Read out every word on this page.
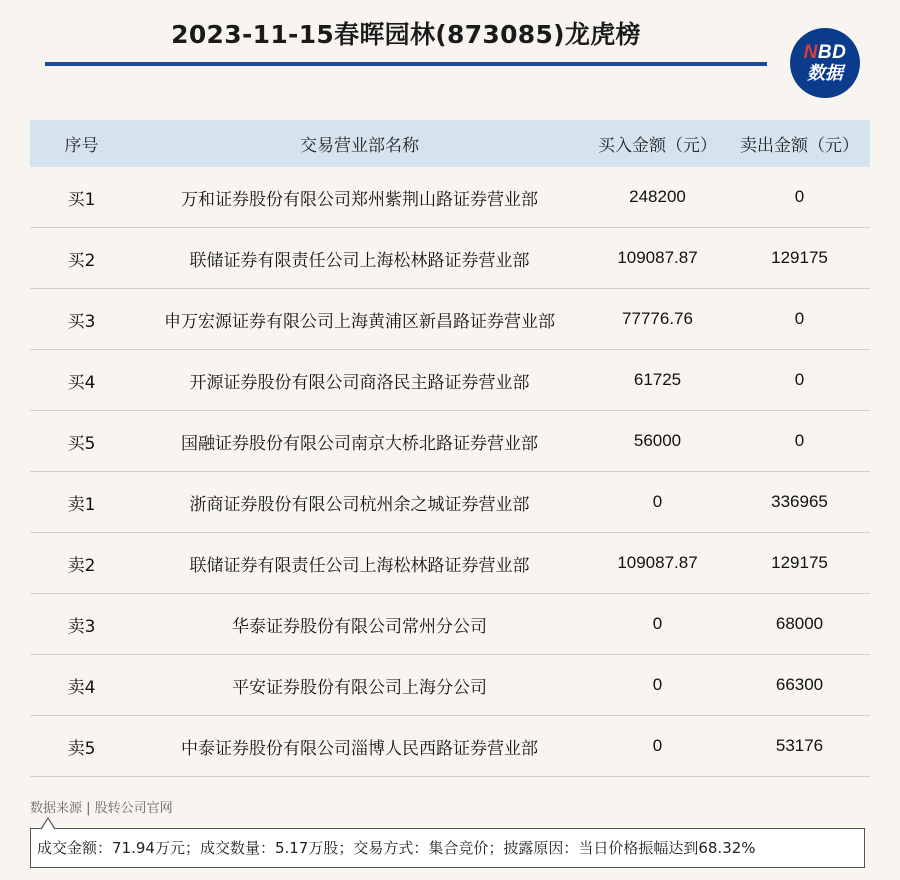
2023-11-15春晖园林(873085)龙虎榜
NBD
数据
序号	交易营业部名称	买入金额（元）	卖出金额（元）
买1	万和证券股份有限公司郑州紫荆山路证券营业部	248200	0
买2	联储证券有限责任公司上海松林路证券营业部	109087.87	129175
买3	申万宏源证券有限公司上海黄浦区新昌路证券营业部	77776.76	0
买4	开源证券股份有限公司商洛民主路证券营业部	61725	0
买5	国融证券股份有限公司南京大桥北路证券营业部	56000	0
卖1	浙商证券股份有限公司杭州余之城证券营业部	0	336965
卖2	联储证券有限责任公司上海松林路证券营业部	109087.87	129175
卖3	华泰证券股份有限公司常州分公司	0	68000
卖4	平安证券股份有限公司上海分公司	0	66300
卖5	中泰证券股份有限公司淄博人民西路证券营业部	0	53176
数据来源 | 股转公司官网
成交金额：71.94万元；成交数量：5.17万股；交易方式：集合竞价；披露原因：当日价格振幅达到68.32%
